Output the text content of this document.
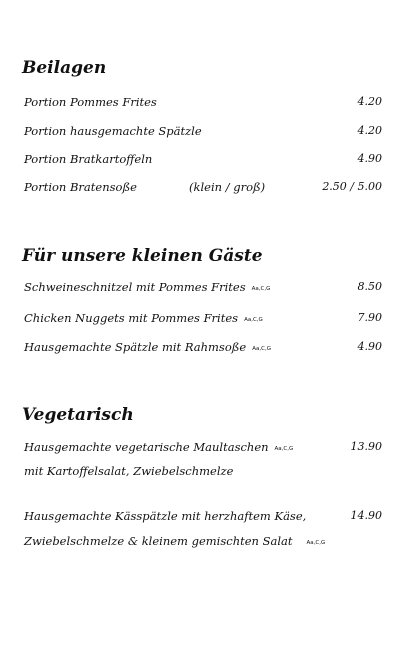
Beilagen
Portion Pommes Frites	4.20
Portion hausgemachte Spätzle	4.20
Portion Bratkartoffeln	4.90
Portion Bratensoße	(klein / groß)	2.50 / 5.00
Für unsere kleinen Gäste
Schweineschnitzel mit Pommes Frites Aa,C,G	8.50
Chicken Nuggets mit Pommes Frites Aa,C,G	7.90
Hausgemachte Spätzle mit Rahmsoße Aa,C,G	4.90
Vegetarisch
Hausgemachte vegetarische Maultaschen Aa,C,G	13.90
mit Kartoffelsalat, Zwiebelschmelze
Hausgemachte Kässpätzle mit herzhaftem Käse,	14.90
Zwiebelschmelze & kleinem gemischten Salat	Aa,C,G
